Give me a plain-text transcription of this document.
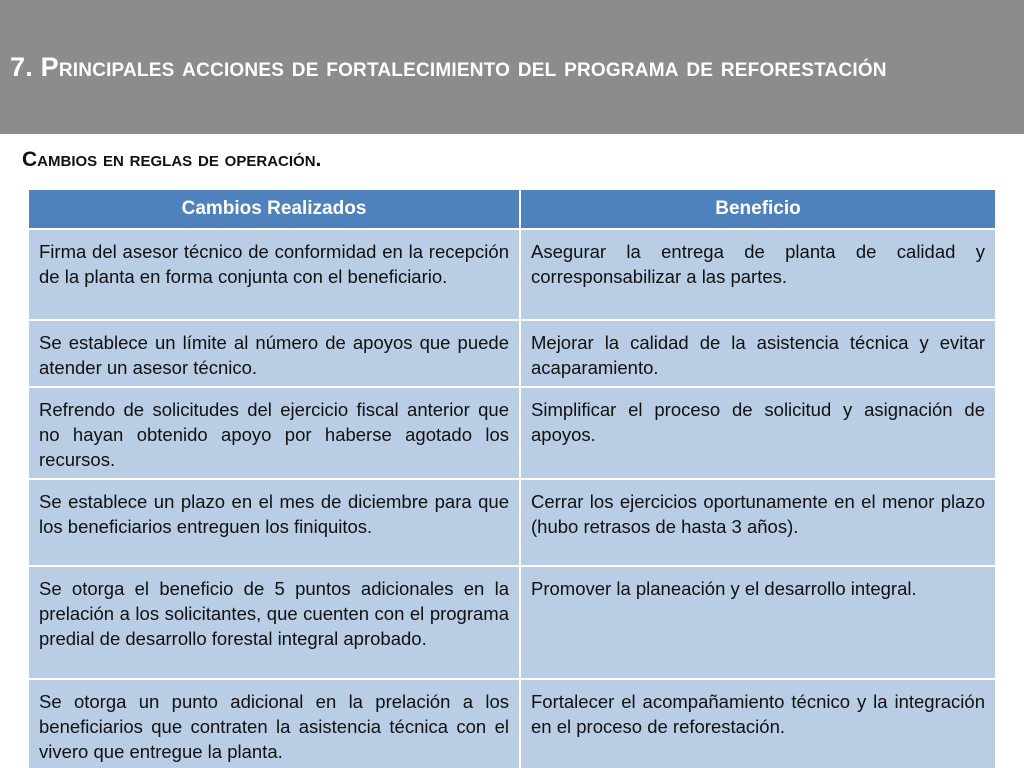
7. Principales acciones de fortalecimiento del programa de reforestación
Cambios en reglas de operación.
Cambios Realizados	Beneficio
Firma del asesor técnico de conformidad en la recepción de la planta en forma conjunta con el beneficiario.	Asegurar la entrega de planta de calidad y corresponsabilizar a las partes.
Se establece un límite al número de apoyos que puede atender un asesor técnico.	Mejorar la calidad de la asistencia técnica y evitar acaparamiento.
Refrendo de solicitudes del ejercicio fiscal anterior que no hayan obtenido apoyo por haberse agotado los recursos.	Simplificar el proceso de solicitud y asignación de apoyos.
Se establece un plazo en el mes de diciembre para que los beneficiarios entreguen los finiquitos.	Cerrar los ejercicios oportunamente en el menor plazo (hubo retrasos de hasta 3 años).
Se otorga el beneficio de 5 puntos adicionales en la prelación a los solicitantes, que cuenten con el programa predial de desarrollo forestal integral aprobado.	Promover la planeación y el desarrollo integral.
Se otorga un punto adicional en la prelación a los beneficiarios que contraten la asistencia técnica con el vivero que entregue la planta.	Fortalecer el acompañamiento técnico y la integración en el proceso de reforestación.
